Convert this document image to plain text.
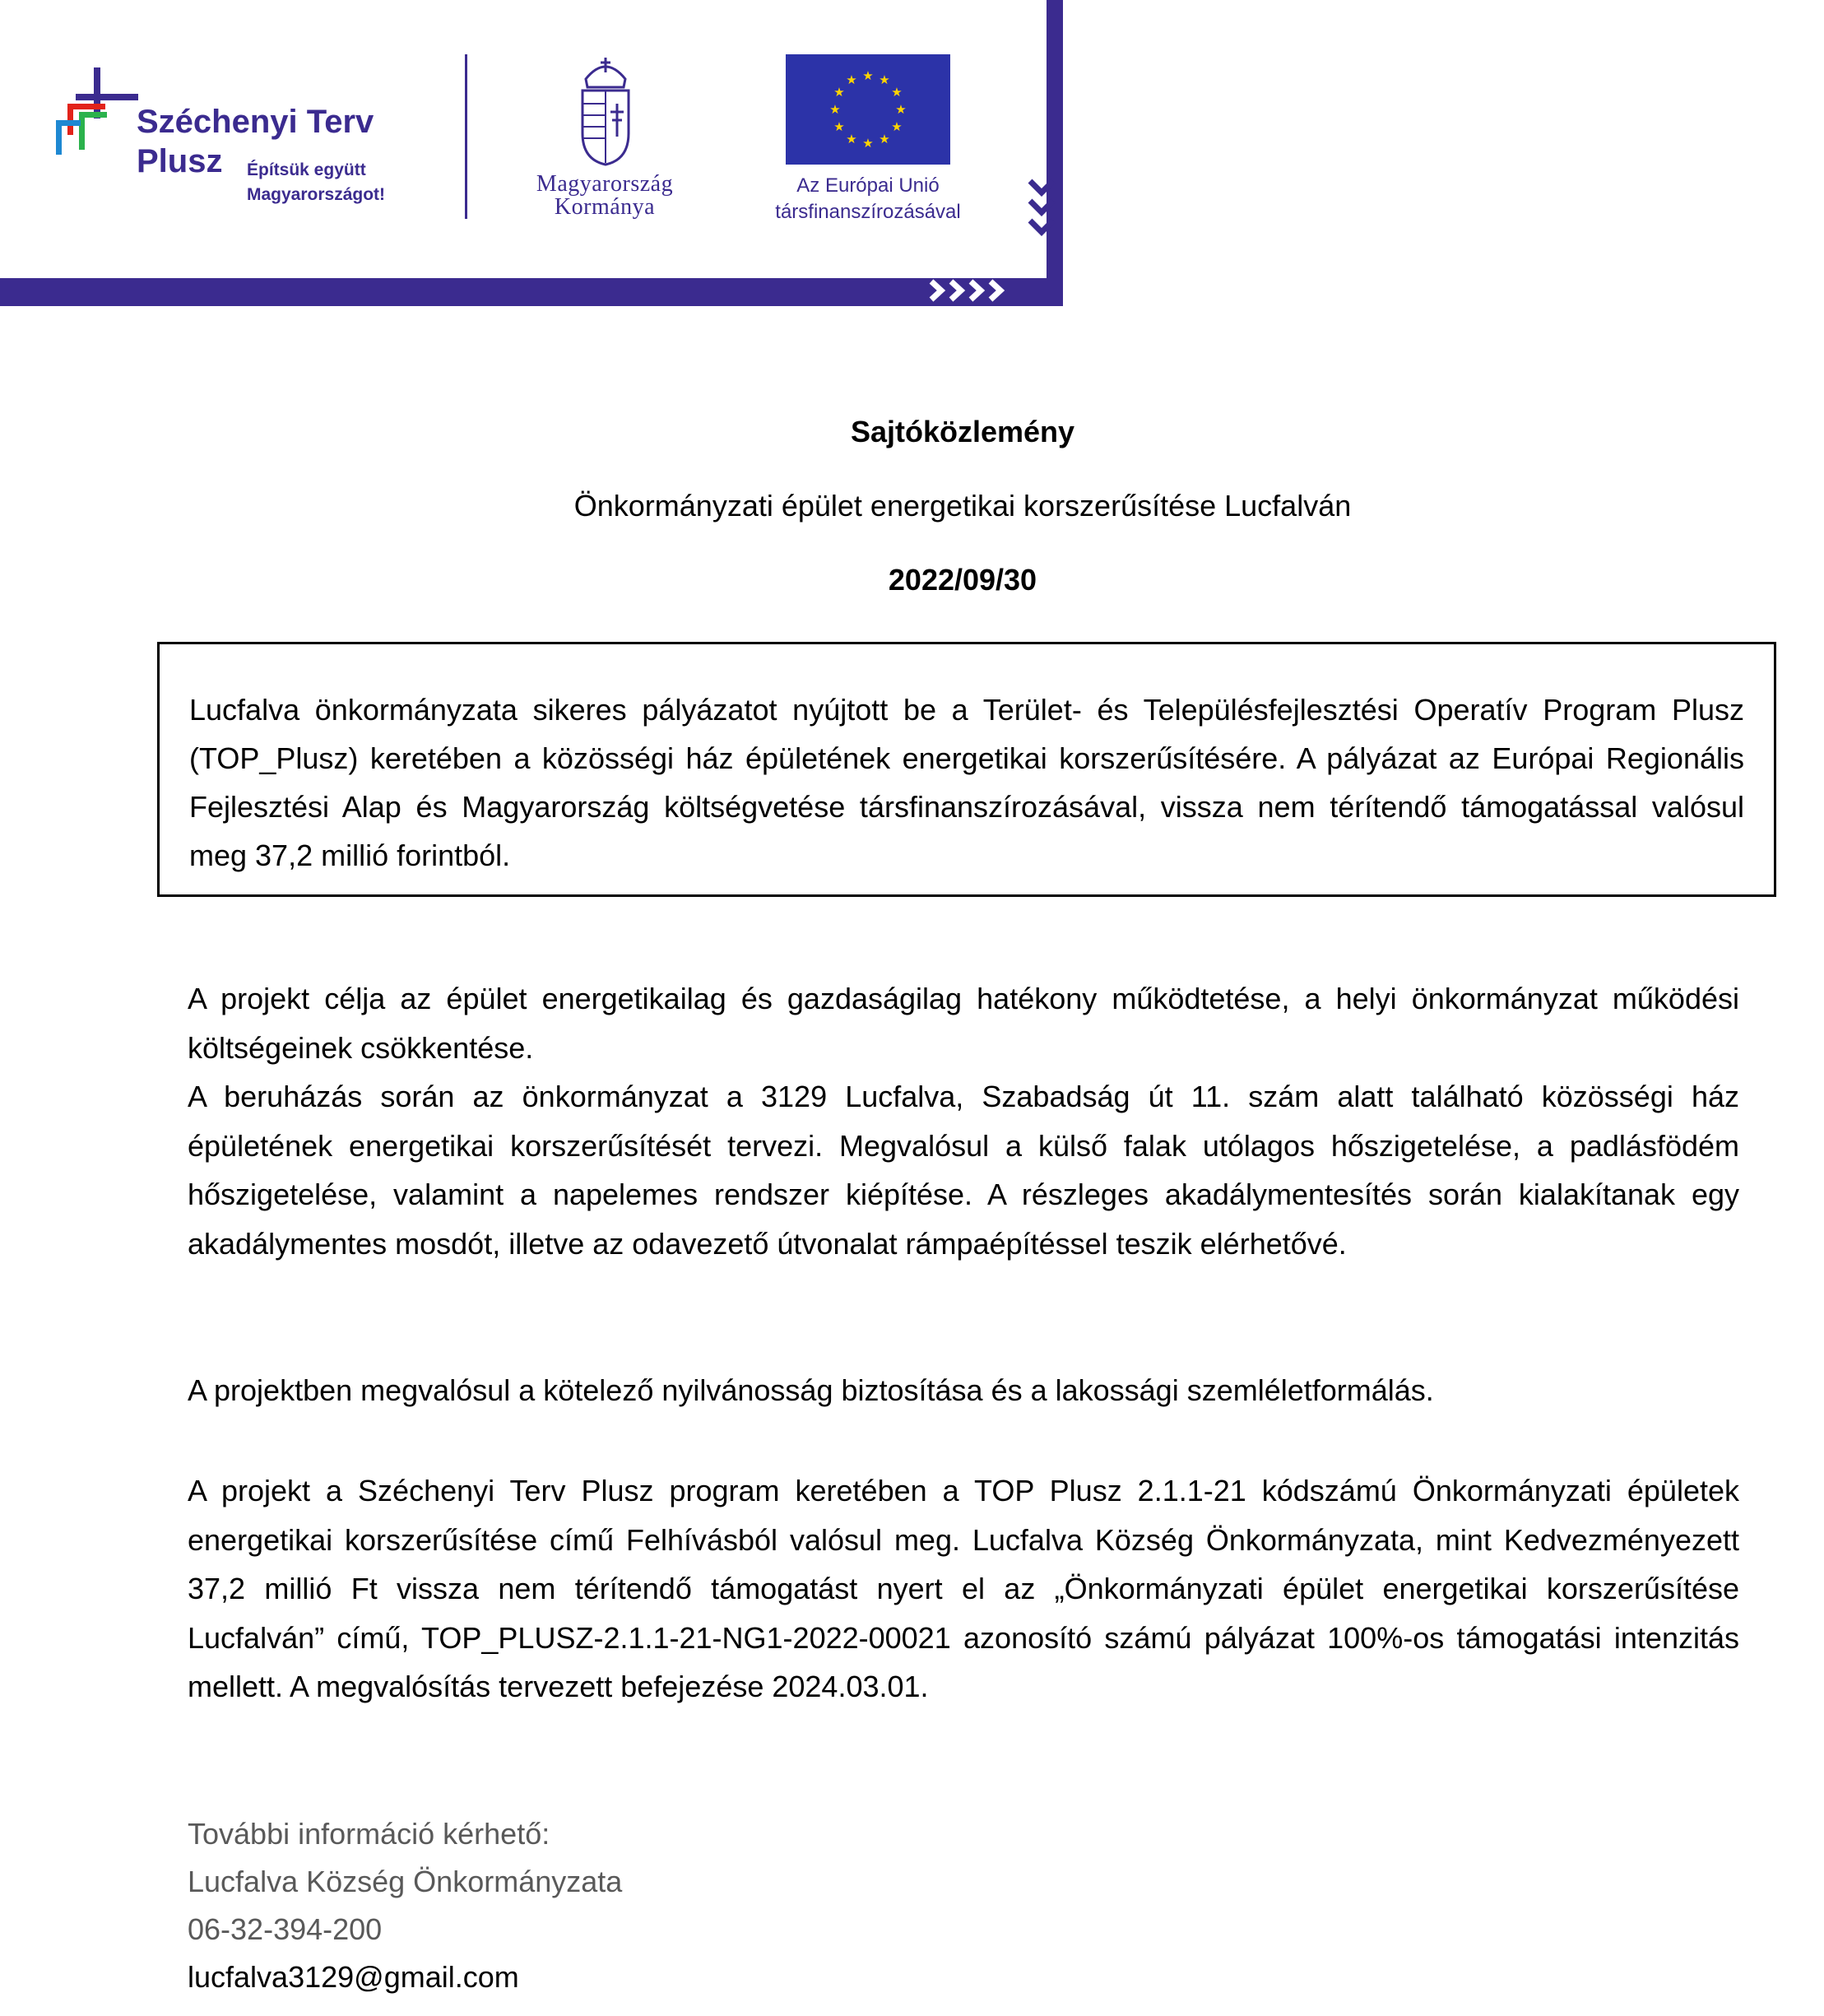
Széchenyi Terv
Plusz Építsük együtt
Magyarországot!	Magyarország
Kormánya
★ ★
★
★
★
★
★
★
★
★
★
★
Az Európai Unió
társfinanszírozásával
Sajtóközlemény
Önkormányzati épület energetikai korszerűsítése Lucfalván
2022/09/30
Lucfalva önkormányzata sikeres pályázatot nyújtott be a Terület- és Településfejlesztési Operatív Program Plusz (TOP_Plusz) keretében a közösségi ház épületének energetikai korszerűsítésére. A pályázat az Európai Regionális Fejlesztési Alap és Magyarország költségvetése társfinanszírozásával, vissza nem térítendő támogatással valósul meg 37,2 millió forintból.
A projekt célja az épület energetikailag és gazdaságilag hatékony működtetése, a helyi önkormányzat működési költségeinek csökkentése.
A beruházás során az önkormányzat a 3129 Lucfalva, Szabadság út 11. szám alatt található közösségi ház épületének energetikai korszerűsítését tervezi. Megvalósul a külső falak utólagos hőszigetelése, a padlásfödém hőszigetelése, valamint a napelemes rendszer kiépítése. A részleges akadálymentesítés során kialakítanak egy akadálymentes mosdót, illetve az odavezető útvonalat rámpaépítéssel teszik elérhetővé.
A projektben megvalósul a kötelező nyilvánosság biztosítása és a lakossági szemléletformálás.
A projekt a Széchenyi Terv Plusz program keretében a TOP Plusz 2.1.1-21 kódszámú Önkormányzati épületek energetikai korszerűsítése című Felhívásból valósul meg. Lucfalva Község Önkormányzata, mint Kedvezményezett 37,2 millió Ft vissza nem térítendő támogatást nyert el az „Önkormányzati épület energetikai korszerűsítése Lucfalván” című, TOP_PLUSZ-2.1.1-21-NG1-2022-00021 azonosító számú pályázat 100%-os támogatási intenzitás mellett. A megvalósítás tervezett befejezése 2024.03.01.
További információ kérhető:
Lucfalva Község Önkormányzata
06-32-394-200
lucfalva3129@gmail.com
